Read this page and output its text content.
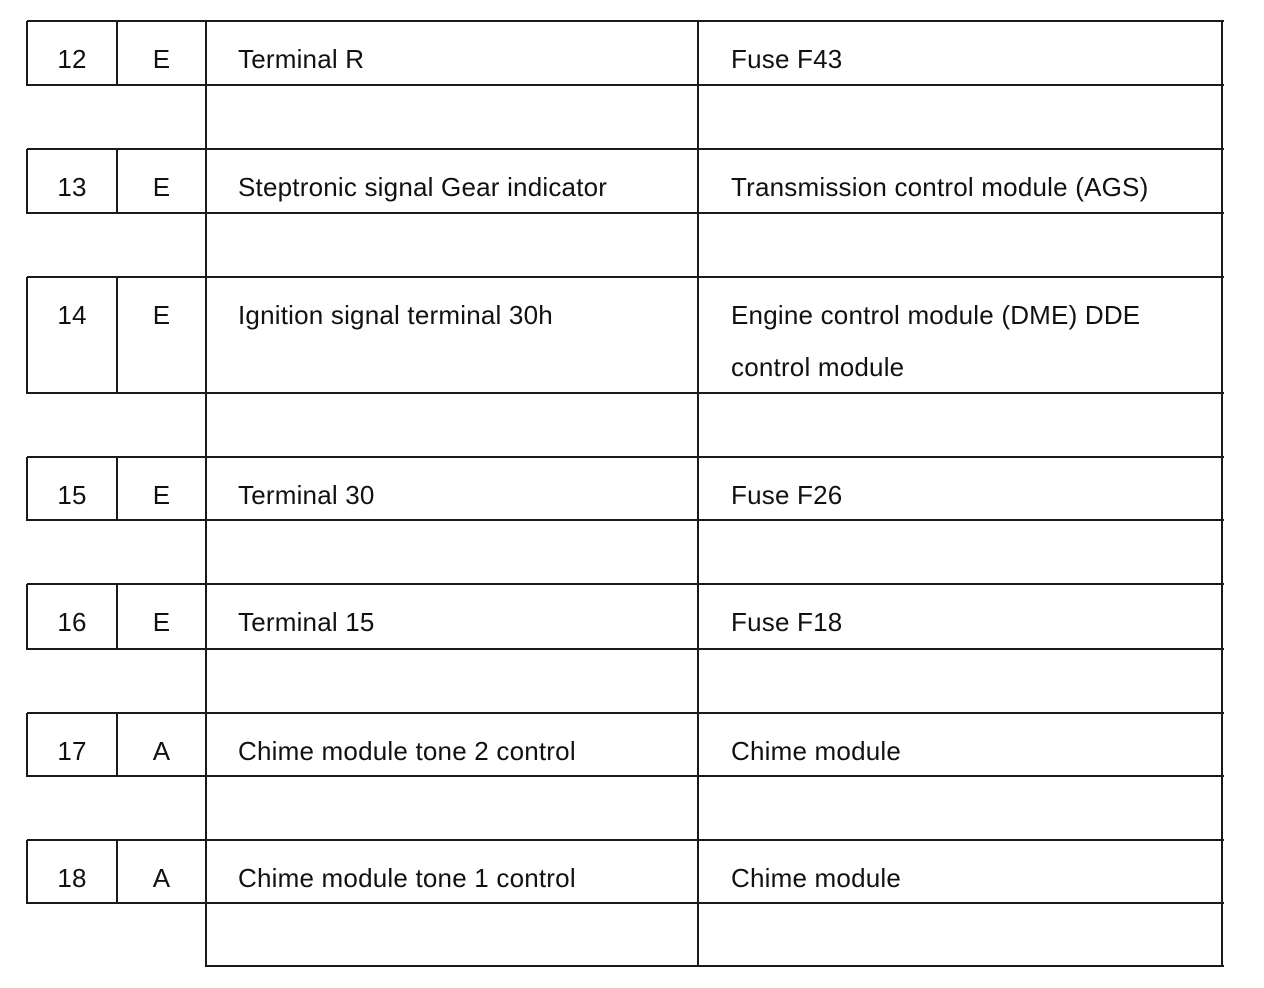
12	E	Terminal R	Fuse F43
13	E	Steptronic signal Gear indicator	Transmission control module (AGS)
14	E	Ignition signal terminal 30h	Engine control module (DME) DDE control module
15	E	Terminal 30	Fuse F26
16	E	Terminal 15	Fuse F18
17	A	Chime module tone 2 control	Chime module
18	A	Chime module tone 1 control	Chime module
